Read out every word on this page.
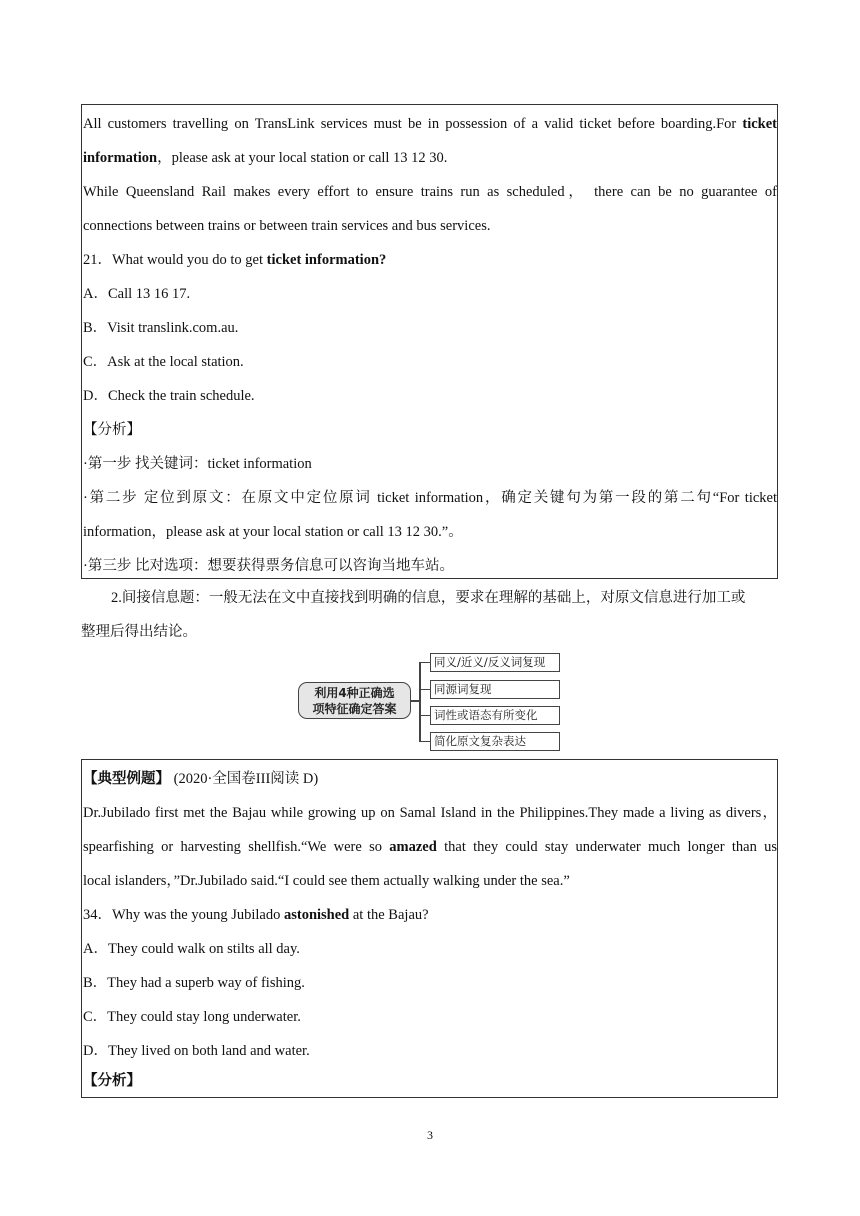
All customers travelling on TransLink services must be in possession of a valid ticket before boarding.For ticket
information，please ask at your local station or call 13 12 30.
While Queensland Rail makes every effort to ensure trains run as scheduled， there can be no guarantee of
connections between trains or between train services and bus services.
21．What would you do to get ticket information?
A．Call 13 16 17.
B．Visit translink.com.au.
C．Ask at the local station.
D．Check the train schedule.
【分析】
·第一步 找关键词：ticket information
·第二步 定位到原文：在原文中定位原词 ticket information，确定关键句为第一段的第二句“For ticket
information，please ask at your local station or call 13 12 30.”。
·第三步 比对选项：想要获得票务信息可以咨询当地车站。
2.间接信息题：一般无法在文中直接找到明确的信息，要求在理解的基础上，对原文信息进行加工或
整理后得出结论。
利用4种正确选
项特征确定答案
同义/近义/反义词复现
同源词复现
词性或语态有所变化
简化原文复杂表达
【典型例题】 (2020·全国卷III阅读 D)
Dr.Jubilado first met the Bajau while growing up on Samal Island in the Philippines.They made a living as divers，
spearfishing or harvesting shellfish.“We were so amazed that they could stay underwater much longer than us
local islanders，”Dr.Jubilado said.“I could see them actually walking under the sea.”
34．Why was the young Jubilado astonished at the Bajau?
A．They could walk on stilts all day.
B．They had a superb way of fishing.
C．They could stay long underwater.
D．They lived on both land and water.
【分析】
3
